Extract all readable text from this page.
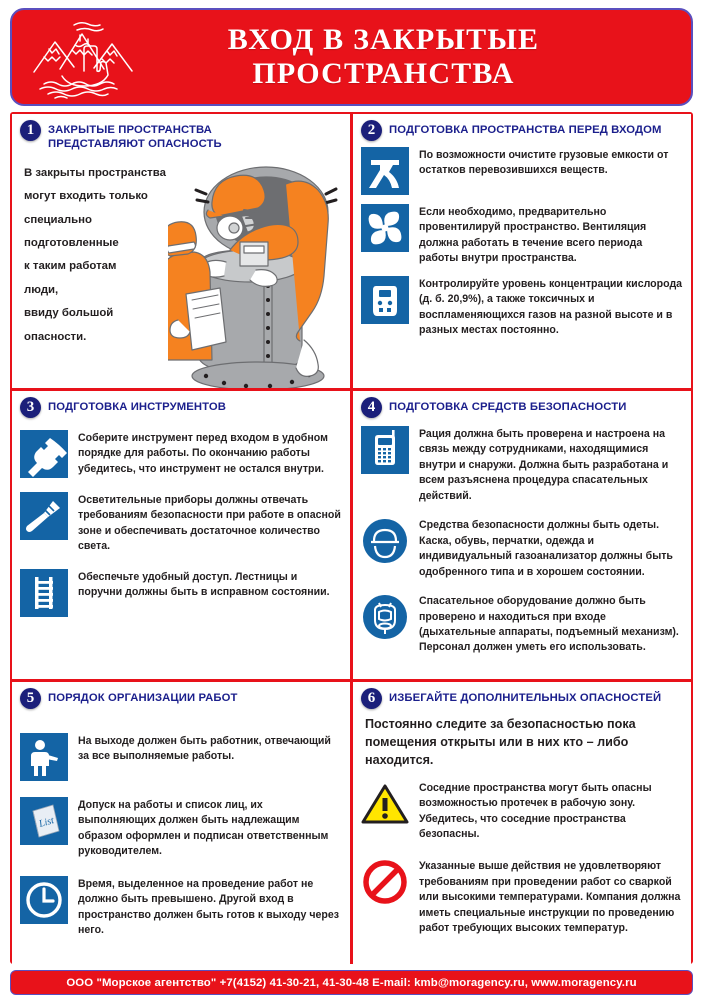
ВХОД В ЗАКРЫТЫЕ
ПРОСТРАНСТВА
1	ЗАКРЫТЫЕ ПРОСТРАНСТВА
ПРЕДСТАВЛЯЮТ ОПАСНОСТЬ
В закрыты пространства
могут входить только
специально
подготовленные
к таким работам
люди,
ввиду большой
опасности.
2	ПОДГОТОВКА ПРОСТРАНСТВА ПЕРЕД ВХОДОМ
По возможности очистите грузовые емкости от остатков перевозившихся веществ.
Если необходимо, предварительно провентилируй пространство. Вентиляция должна работать в течение всего периода работы внутри пространства.
Контролируйте уровень концентрации кислорода (д. б. 20,9%), а также токсичных и воспламеняющихся газов на разной высоте и в разных местах постоянно.
3	ПОДГОТОВКА ИНСТРУМЕНТОВ
Соберите инструмент перед входом в удобном порядке для работы. По окончанию работы убедитесь, что инструмент не остался внутри.
Осветительные приборы должны отвечать требованиям безопасности при работе в опасной зоне и обеспечивать достаточное количество света.
Обеспечьте удобный доступ. Лестницы и поручни должны быть в исправном состоянии.
4	ПОДГОТОВКА СРЕДСТВ БЕЗОПАСНОСТИ
Рация должна быть проверена и настроена на связь между сотрудниками, находящимися внутри и снаружи. Должна быть разработана и всем разъяснена процедура спасательных действий.
Средства безопасности должны быть одеты. Каска, обувь, перчатки, одежда и индивидуальный газоанализатор должны быть одобренного типа и в хорошем состоянии.
Спасательное оборудование должно быть проверено и находиться при входе (дыхательные аппараты, подъемный механизм). Персонал должен уметь его использовать.
5	ПОРЯДОК ОРГАНИЗАЦИИ РАБОТ
На выходе должен быть работник, отвечающий за все выполняемые работы.
List
Допуск на работы и список лиц, их выполняющих должен быть надлежащим образом оформлен и подписан ответственным руководителем.
Время, выделенное на проведение работ не должно быть превышено. Другой вход в пространство должен быть готов к выходу через него.
6	ИЗБЕГАЙТЕ ДОПОЛНИТЕЛЬНЫХ ОПАСНОСТЕЙ
Постоянно следите за безопасностью пока помещения открыты или в них кто – либо находится.
Соседние пространства могут быть опасны возможностью протечек в рабочую зону. Убедитесь, что соседние пространства безопасны.
Указанные выше действия не удовлетворяют требованиям при проведении работ со сваркой или высокими температурами. Компания должна иметь специальные инструкции по проведению работ требующих высоких температур.
ООО "Морское агентство" +7(4152) 41-30-21, 41-30-48 E-mail: kmb@moragency.ru, www.moragency.ru
